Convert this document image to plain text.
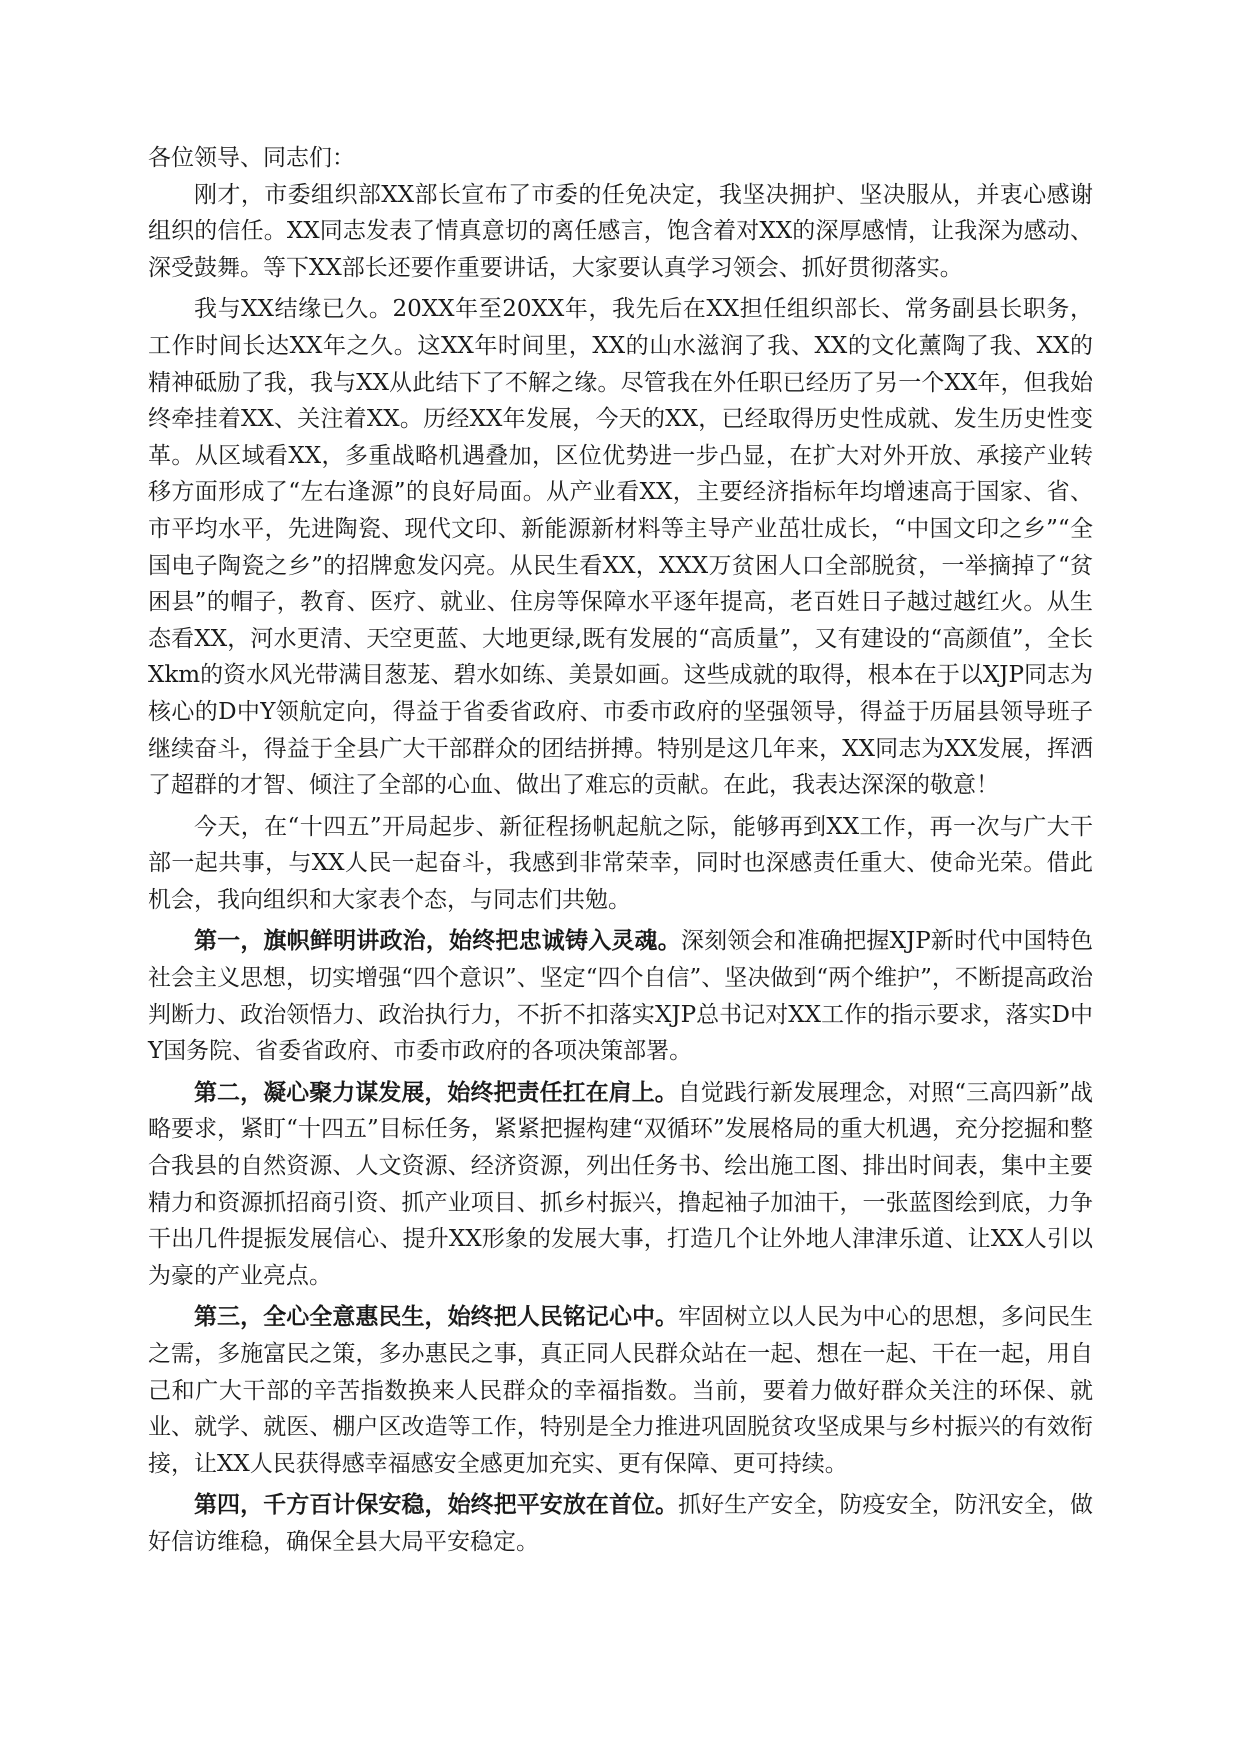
各位领导、同志们：

刚才，市委组织部XX部长宣布了市委的任免决定，我坚决拥护、坚决服从，并衷心感谢组织的信任。XX同志发表了情真意切的离任感言，饱含着对XX的深厚感情，让我深为感动、深受鼓舞。等下XX部长还要作重要讲话，大家要认真学习领会、抓好贯彻落实。

我与XX结缘已久。20XX年至20XX年，我先后在XX担任组织部长、常务副县长职务，工作时间长达XX年之久。这XX年时间里，XX的山水滋润了我、XX的文化薰陶了我、XX的精神砥励了我，我与XX从此结下了不解之缘。尽管我在外任职已经历了另一个XX年，但我始终牵挂着XX、关注着XX。历经XX年发展，今天的XX，已经取得历史性成就、发生历史性变革。从区域看XX，多重战略机遇叠加，区位优势进一步凸显，在扩大对外开放、承接产业转移方面形成了“左右逢源”的良好局面。从产业看XX，主要经济指标年均增速高于国家、省、市平均水平，先进陶瓷、现代文印、新能源新材料等主导产业茁壮成长，“中国文印之乡”“全国电子陶瓷之乡”的招牌愈发闪亮。从民生看XX，XXX万贫困人口全部脱贫，一举摘掉了“贫困县”的帽子，教育、医疗、就业、住房等保障水平逐年提高，老百姓日子越过越红火。从生态看XX，河水更清、天空更蓝、大地更绿,既有发展的“高质量”，又有建设的“高颜值”，全长Xkm的资水风光带满目葱茏、碧水如练、美景如画。这些成就的取得，根本在于以XJP同志为核心的D中Y领航定向，得益于省委省政府、市委市政府的坚强领导，得益于历届县领导班子继续奋斗，得益于全县广大干部群众的团结拼搏。特别是这几年来，XX同志为XX发展，挥洒了超群的才智、倾注了全部的心血、做出了难忘的贡献。在此，我表达深深的敬意！

今天，在“十四五”开局起步、新征程扬帆起航之际，能够再到XX工作，再一次与广大干部一起共事，与XX人民一起奋斗，我感到非常荣幸，同时也深感责任重大、使命光荣。借此机会，我向组织和大家表个态，与同志们共勉。

第一，旗帜鲜明讲政治，始终把忠诚铸入灵魂。深刻领会和准确把握XJP新时代中国特色社会主义思想，切实增强“四个意识”、坚定“四个自信”、坚决做到“两个维护”，不断提高政治判断力、政治领悟力、政治执行力，不折不扣落实XJP总书记对XX工作的指示要求，落实D中Y国务院、省委省政府、市委市政府的各项决策部署。

第二，凝心聚力谋发展，始终把责任扛在肩上。自觉践行新发展理念，对照“三高四新”战略要求，紧盯“十四五”目标任务，紧紧把握构建“双循环”发展格局的重大机遇，充分挖掘和整合我县的自然资源、人文资源、经济资源，列出任务书、绘出施工图、排出时间表，集中主要精力和资源抓招商引资、抓产业项目、抓乡村振兴，撸起袖子加油干，一张蓝图绘到底，力争干出几件提振发展信心、提升XX形象的发展大事，打造几个让外地人津津乐道、让XX人引以为豪的产业亮点。

第三，全心全意惠民生，始终把人民铭记心中。牢固树立以人民为中心的思想，多问民生之需，多施富民之策，多办惠民之事，真正同人民群众站在一起、想在一起、干在一起，用自己和广大干部的辛苦指数换来人民群众的幸福指数。当前，要着力做好群众关注的环保、就业、就学、就医、棚户区改造等工作，特别是全力推进巩固脱贫攻坚成果与乡村振兴的有效衔接，让XX人民获得感幸福感安全感更加充实、更有保障、更可持续。

第四，千方百计保安稳，始终把平安放在首位。抓好生产安全，防疫安全，防汛安全，做好信访维稳，确保全县大局平安稳定。
